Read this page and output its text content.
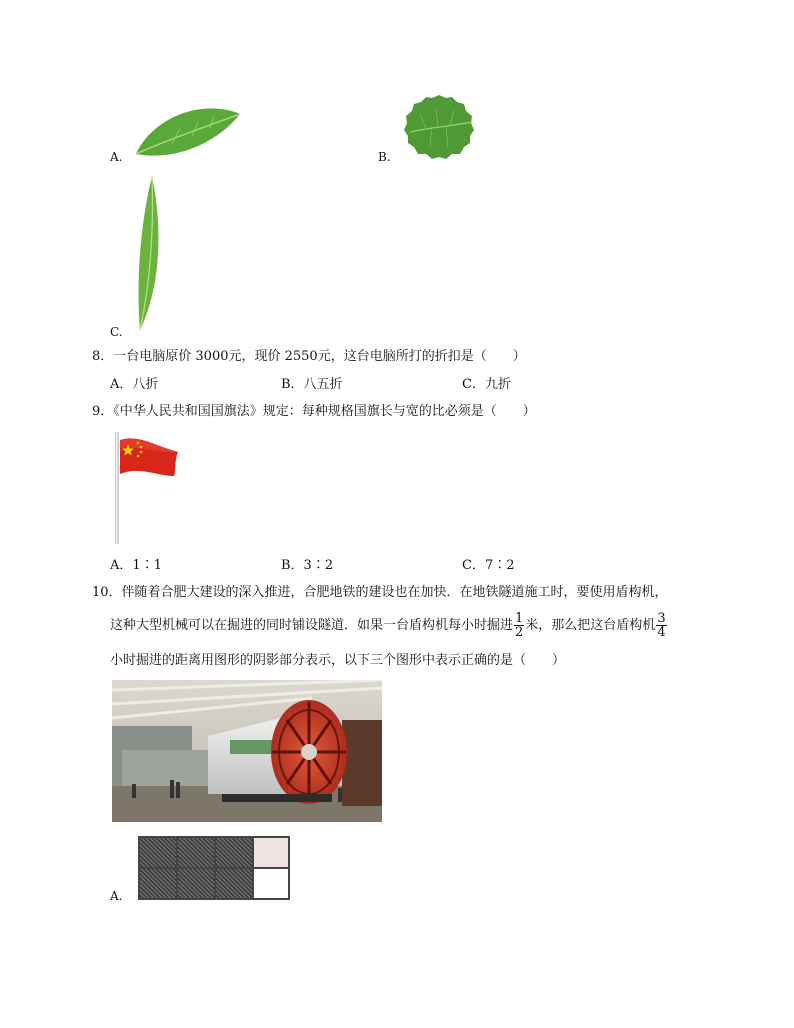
A.	B.
C.
8．一台电脑原价 3000元，现价 2550元，这台电脑所打的折扣是（　　）
A．八折	B．八五折	C．九折
9．《中华人民共和国国旗法》规定：每种规格国旗长与宽的比必须是（　　）
A．1∶1	B．3∶2	C．7∶2
10．伴随着合肥大建设的深入推进，合肥地铁的建设也在加快．在地铁隧道施工时，要使用盾构机，
这种大型机械可以在掘进的同时铺设隧道．如果一台盾构机每小时掘进 $\frac{1}{2}$ 米，那么把这台盾构机 $\frac{3}{4}$
小时掘进的距离用图形的阴影部分表示，以下三个图形中表示正确的是（　　）
A.
